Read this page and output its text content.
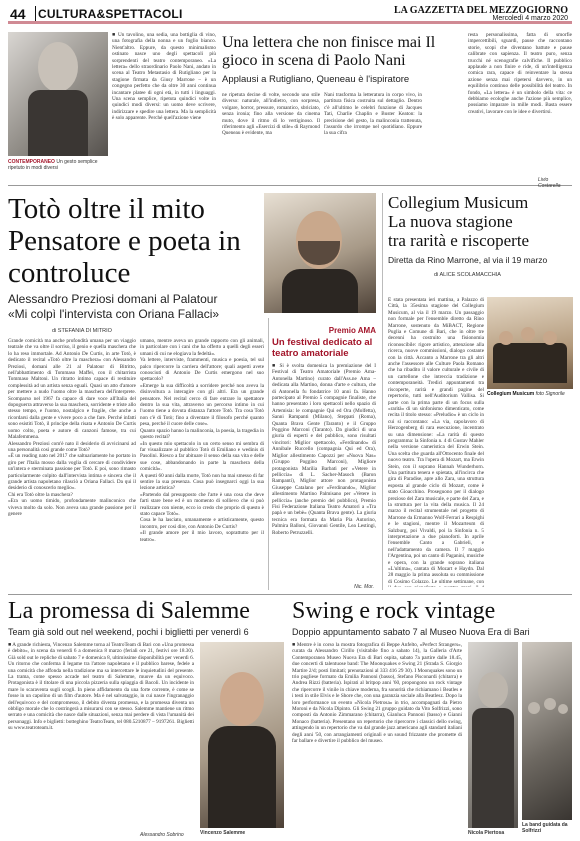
44 CULTURA&SPETTACOLI	LA GAZZETTA DEL MEZZOGIORNO
Mercoledì 4 marzo 2020
CONTEMPORANEO Un gesto semplice ripetuto in modi diversi
■ Un tavolino, una sedia, una bottiglia di vino, una fotografia della nonna e un foglio bianco. Nient'altro. Eppure, da questo minimalismo ostinato nasce uno degli spettacoli più sorprendenti del teatro contemporaneo. «La lettera» dello straordinario Paolo Nani, andato in scena al Teatro Metastasio di Rutigliano per la stagione firmata da Giusy Marrone – è un congegno perfetto che da oltre 30 anni continua incantare platee di ogni età, in tutti i linguaggi. Una scena semplice, ripetuta quindici volte in quindici modi diversi: un uomo deve scrivere, indirizzare e spedire una lettera. Ma la semplicità è solo apparente. Perché quell'azione viene
Una lettera che non finisce mai Il gioco in scena di Paolo Nani
Applausi a Rutigliano, Queneau è l'ispiratore
ne ripetuta decine di volte, secondo uno stile diverso: naturale, all'indietro, con sorpresa, volgare, horror, pressure, romantico, sbriciato, senza ironia; fino alla versione da cinema muto, dove il ritmo di lo vertiginoso. Il riferimento agli «Esercizi di stile» di Raymond Queneau è evidente, ma
Nani trasforma la letteratura in corpo vivo, in partitura fisica costruita sul dettaglio. Dentro c'è all'ultimo le celebri funzione di Jacques Tati, Charlie Chaplin e Buster Keaton: la precisione del gesto, la malinconia trattenuta, l'assurdo che irrompe nel quotidiano. Eppure la sua cifra
resta personalissima, fatta di smorfie impercettibili, sguardi, pause che raccontano storie, scopi che diventano battute e pause calibrate con sapienza. Il teatro puro, senza trucchi né scenografie calvifiche. Il pubblico applaude a non finire e ride, di un'intelligenza comica rara, capace di reinventare la stessa azione senza mai ripetersi davvero, in un equilibrio continuo delle possibilità del teatro. In fondo, «La lettera» è un simbolo della vita: ce debbiamo ecologhe anche l'azione più semplice, possiamo imparare in mille modi. Basta essere creativi, lavorare con le idee e divertirsi.
Livio Costarella
Totò oltre il mito Pensatore e poeta in controluce
Alessandro Preziosi domani al Palatour
«Mi colpì l'intervista con Oriana Fallaci»
di STEFANIA DI MITRIO
Grande comicità ma anche profondità umana per un viaggio teatrale che va oltre il sorriso, il genio e quella maschera che lo ha reso immortale. Ad Antonio De Curtis, in arte Totò, è dedicato il recital «Totò oltre la maschera» con Alessandro Preziosi, domani alle 21 al Palatour di Bitritto, nell'abbattimento di Tommaso Maffei, con il chitarrista Tommaso Maltoni. Un ritratto intimo capace di restituire complessità ad un artista senza eguali. Quasi un atto d'amore per mettere a nudo l'uomo oltre la maschera dell'interprete. Scomparso nel 1967 fa capace di dare voce all'Italia del dopoguerra attraverso la sua maschera, sorridente e triste allo stesso tempo, e l'uomo, nostalgico e fragile, che anche a ricordarsi dalla gente e vivere poco a che fare. Perché infatti sono esistiti Totò, il principe della risata e Antonio De Curtis uomo colto, poeta e autore di canzoni famose, tra cui Malafemmena.
Alessandro Preziosi com'è nato il desiderio di avvicinarsi ad una personalità così grande come Totò?
«È un reading nato nel 2017 che saltuariamente ho portato in giro per l'Italia mosso dalla voglia di cercare di condividere un'intera e sterminata passione per Totò. E poi, sono rimasto particolarmente colpito dall'intervista intima e sincera che il grande artista napoletano rilasciò a Oriana Fallaci. Da qui il desiderio di conoscerlo meglio».
Chi era Totò oltre la maschera?
«Era un uomo timido, profondamente malinconico che viveva molto da solo. Non aveva una grande passione per il genere
umano, mentre aveva un grande rapporto con gli animali, in particolare con i cani che ha offerto a quelli degli esseri umani di cui ne elogiava la fedeltà».
Va lettere, interviste, frammenti, musica e poesia, tel sul palco ripercorre la carriera dell'attore; quali aspetti avete conosciuti di Antonio De Curtis emergono nel suo spettacolo?
«Emerge la sua difficoltà a sorridere perché non aveva la disinvoltura a interagire con gli altri. Era un grande pensatore. Nel recital cerco di fare entrare lo spettatore dentro la sua vita, attraverso un percorso intimo in cui l'uomo tiene a dovuta distanza l'attore Totò. Tra cosa Totò non c'è di Totò; fino a diventare il filosofo perché quanto pesa, perché il cuore delle cose».
Quanto spazio hanno la malinconia, la poesia, la tragedia in questo recital?
«In questo mio spettacolo in un certo senso mi sembra di far visualizzare al pubblico Totò di Emiliano e wedinis di Pasolini. Riesco a far abituare il senso della sua vita e delle sue cose, abbandonando in parte la maschera della comicità».
A questi 60 anni dalla morte, Totò non ha mai smesso di far sentire la sua presenza. Cosa può insegnarci oggi la sua lezione artistica?
«Partendo dal presupposto che l'arte è una cosa che deve farti stare bene ed è un momento di sollievo che si può realizzare con niente, ecco io credo che proprio di questo è stato capace Totò».
Cosa le ha lasciato, umanamente e artisticamente, questo incontro, per così dire, con Antonio De Curtis?
«Il grande amore per il mio lavoro, soprattutto per il teatro».
Premio AMA
Un festival dedicato al teatro amatoriale
■ Si è svolta domenica la premiazione del I Festival di Teatro Amatoriale (Premio Ama-Antonella Martino) curato dall'Ass.ne Ama – dedicata alla Martino, donna d'arte e cultura, che di Antonella fu fondatrice 10 anni fa. Hanno partecipato al Premio 5 compagnie finaliste, che hanno presentato i loro spettacoli nello spazio di Artemisia: le compagnie Qui ed Ora (Molfetta), Sanni Rampanti (Milano), Steppati (Roma), Quanta Brava Gente (Taranto) e il Gruppo Poggino Marconi (Taranto). Da giudici di una giuria di esperti e del pubblico, sono risultati vincitori: Miglior spettacolo, «Ferdinando» di Annibale Ruccello (compagnia Qui ed Ora), Miglior allestimento Capozzi per «Nuova Nas» (Gruppo Poggino Marconi), Migliore protagonista Marilia Barbati per «Vetere in pelliccia» di L. Sacher-Masoch (Baron Rampanti), Miglior attore non protagonista Giuseppe Catalano per «Ferdinando», Miglior allestimento Martino Palmisano per «Vetere in pelliccia» (anche premio del pubblico), Premio Fisi Federazione Italiana Teatro Amatori a «Tra papà e un bebè» (Quanta Brava gente). La giuria tecnica era formata da Maria Pia Autorino, Palmira Balloni, Giovanni Gentile, Lea Lestingi, Roberto Petruzzelli.
Nic. Mor.
Collegium Musicum
La nuova stagione
tra rarità e riscoperte
Diretta da Rino Marrone, al via il 19 marzo
di ALICE SCOLAMACCHIA
Collegium Musicum foto Signorile
Ѐ stata presentata ieri mattina, a Palazzo di Città, la 35esima stagione del Collegium Musicum, al via il 19 marzo. Un passaggio non formale per l'ensemble diretto da Rino Marrone, sostenuto da MiBACT, Regione Puglia e Comune di Bari, che in oltre tre decenni ha costruito una fisionomia riconoscibile: rigore artistico, attenzione alla ricerca, nuove commissioni, dialogo costante con la città. Accanto a Marrone tra gli altri anche l'assessore alle Culture Paola Romano che ha ribadito il valore culturale e civile di un cartellone che intreccia tradizione e contemporaneità. Tredici appuntamenti tra riscoperte, rarità e grandi pagine del repertorio, tutti nell'Auditorium Vallisa. Si parte con la prima parte di un focus sulla «rarità» di un sinfonismo dimenticato, come recita il titolo stesso: «Preludio» è un ciclo in cui si raccontano: «La via, capolavoro di Herzogenberg di rara esecuzione, incentrato su una dimensione: «La rarità di questo programma: la Sinfonia n. 4 di Gustav Mahler nella versione cameristica del Erwin Stein. Una scelta che guarda all'Ottocento finale del nuovo teatro. Tra l'opera di Mozart, ma Erwin Stein, con il soprano Hannah Wunderhorn. Una partitura tenera e spietata, all'incirca che gira di Paradise, apre allo Zara, una struttura esposta al grande ciclo di Mozart, come è stato Gioacchino. Proseguono per il dialogo prezioso del Zara musicale, e parte del Zara, e la struttura per la vita della musica. Il 24 marzo il recital strumentale nel progetto di Marrone da Ermanno Wolf-Ferrari a Respighi e le stagioni, mentre il Mozarteum di Salzburg, poi Vivaldi, poi la Sinfonia n. 5 interpretazione a due pianoforti. In aprile l'ensemble Canto a Gabrieli, e nell'adattamento da camera. Il 7 maggio l'Argentina, poi un canto di Paganini, musiche e opera, con la grande soprano italiana «L'ultima», cantata di Mozart e Haydn. Dal 28 maggio la prima assoluta su commissione di Cosimo Colazzo. Le ultime settimane, con
La promessa di Salemme
Team già sold out nel weekend, pochi i biglietti per venerdì 6
■ A grande richiesta, Vincenzo Salemme torna al TeatroTeam di Bari con «Una promessa è debito», in scena da venerdì 6 a domenica 8 marzo (feriali ore 21, festivi ore 18.30). Già sold out le repliche di sabato 7 e domenica 8, ultimissime disponibilità per venerdì 6. Un ritorno che conferma il legame tra l'attore napoletano e il pubblico barese, fedele a una comicità che affonda nella tradizione ma sa intercettare le inquietudini del presente. La trama, come spesso accade nel teatro di Salemme, muove da un equivoco. Protagonista è il titolare di una piccola pizzeria sulla spiaggia di Bacoli. Un incidente in mare lo scaraventa sugli scogli. In pieno affidamento da una forte corrente, è come se fosse in un capolino di un film d'autore. Ma è nel salvataggio, in cui nasce l'ingranaggio dell'equivoco e del compromesso, il debito diventa promessa, e la promessa diventa un obbligo morale che lo costringerà a misurarsi con se stesso. Salemme mantiene un ritmo serrato e una comicità che nasce dalle situazioni, senza mai perdere di vista l'umanità dei personaggi. Info e biglietti: botteghino TeatroTeam, tel 080.5210877 – 9197261. Biglietti su www.teatroteam.it.
Alessandro Sobrino	Vincenzo Salemme
Swing e rock vintage
Doppio appuntamento sabato 7 al Museo Nuova Era di Bari
■ Mentre è in corso la mostra fotografica di Beppe Anfelto, «Perfect Strangers», curata da Alessandro Cirillo (visitabile fino a sabato 14), la Galleria d'Arte Contemporanea Museo Nuova Era di Bari ospita, sabato 7a partire dalle 18.45, due concerti di talentuose band: The Moonquakes e Swing 21 (Strada S. Giorgio Martire 2/d; posti limitati; prenotazioni al 333 416 29 30). I Moonquakes sono un trio pugliese formato da Emilia Pannoni (basso), Stefano Pisconardi (chitarra) e Andrea Rizzi (batteria). Ispirati al britpop anni '60, propongono un rock vintage che ripercorre il vinile in chiave moderna, fra sonorità che richiamano i Beatles e i testi in stile Elvis e le Shore che, con una garanzia sociale alla Beatlesz. Dopo la loro performance un evento «Nicola Pietrosa» in trio, accompagnati da Pietro Moroni e da Nicola Dipinto. Gli Swing 21 gruppo guidato da Vito Solfrizzi, sono composti da Antonio Zimmarano (chitarra), Gianluca Pannoni (basso) e Gianni Monaco (batteria). Presentano un repertorio che ripercorre i classici dello swing, attingendo in un repertorio che va dal grande jazz americano agli standard italiani degli anni '50, con arrangiamenti originali e un sound frizzante che promette di far ballare e divertire il pubblico del museo.
Nicola Piertosa
La band guidata da Solfrizzi
